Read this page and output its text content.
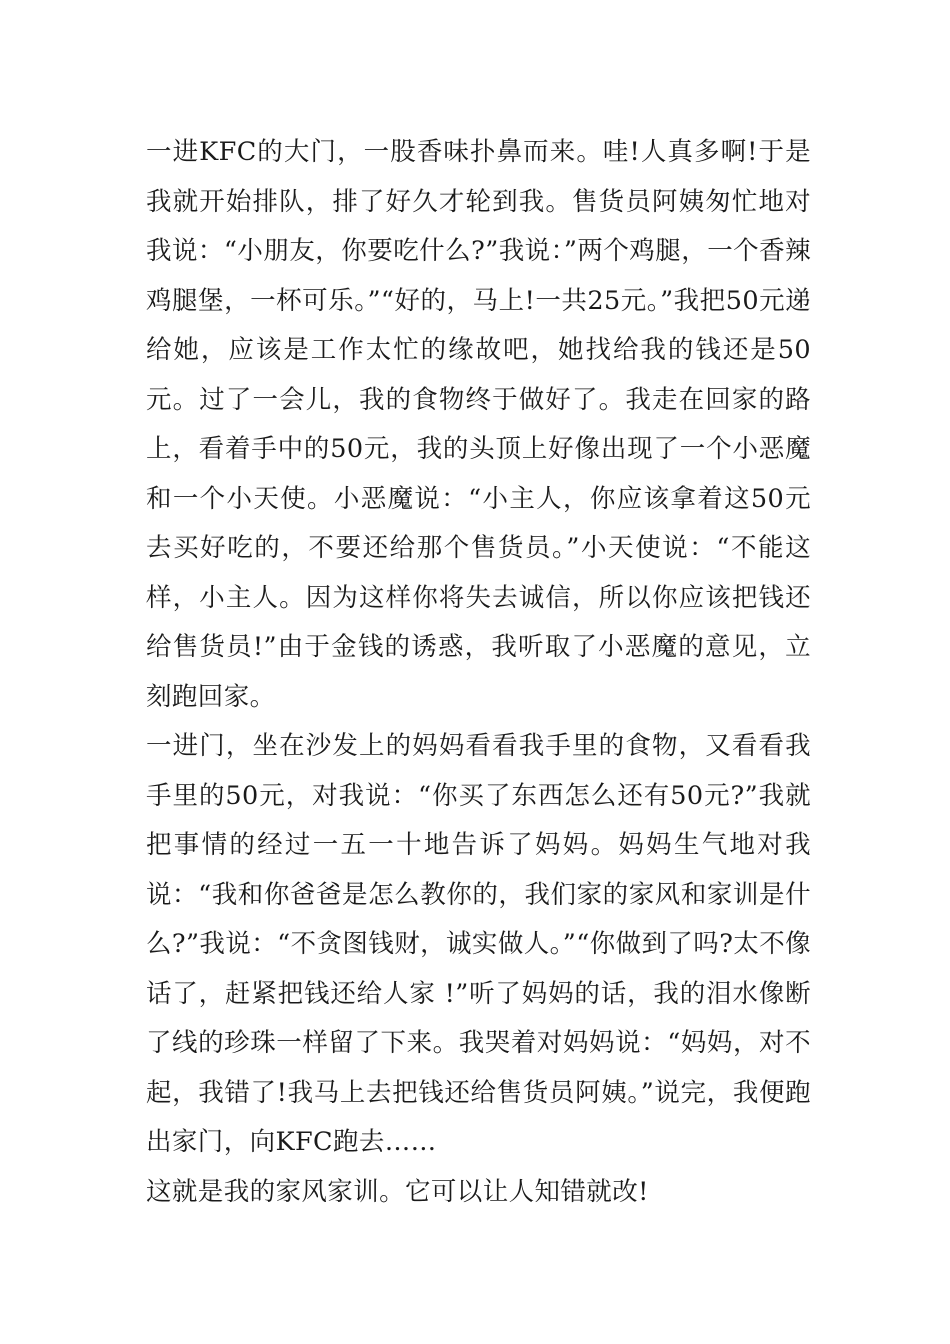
一进KFC的大门，一股香味扑鼻而来。哇!人真多啊!于是我就开始排队，排了好久才轮到我。售货员阿姨匆忙地对我说：“小朋友，你要吃什么?”我说：”两个鸡腿，一个香辣鸡腿堡，一杯可乐。”“好的，马上!一共25元。”我把50元递给她，应该是工作太忙的缘故吧，她找给我的钱还是50元。过了一会儿，我的食物终于做好了。我走在回家的路上，看着手中的50元，我的头顶上好像出现了一个小恶魔和一个小天使。小恶魔说：“小主人，你应该拿着这50元去买好吃的，不要还给那个售货员。”小天使说：“不能这样，小主人。因为这样你将失去诚信，所以你应该把钱还给售货员!”由于金钱的诱惑，我听取了小恶魔的意见，立刻跑回家。

一进门，坐在沙发上的妈妈看看我手里的食物，又看看我手里的50元，对我说：“你买了东西怎么还有50元?”我就把事情的经过一五一十地告诉了妈妈。妈妈生气地对我说：“我和你爸爸是怎么教你的，我们家的家风和家训是什么?”我说：“不贪图钱财，诚实做人。”“你做到了吗?太不像话了，赶紧把钱还给人家 !”听了妈妈的话，我的泪水像断了线的珍珠一样留了下来。我哭着对妈妈说：“妈妈，对不起，我错了!我马上去把钱还给售货员阿姨。”说完，我便跑出家门，向KFC跑去……

这就是我的家风家训。它可以让人知错就改!
